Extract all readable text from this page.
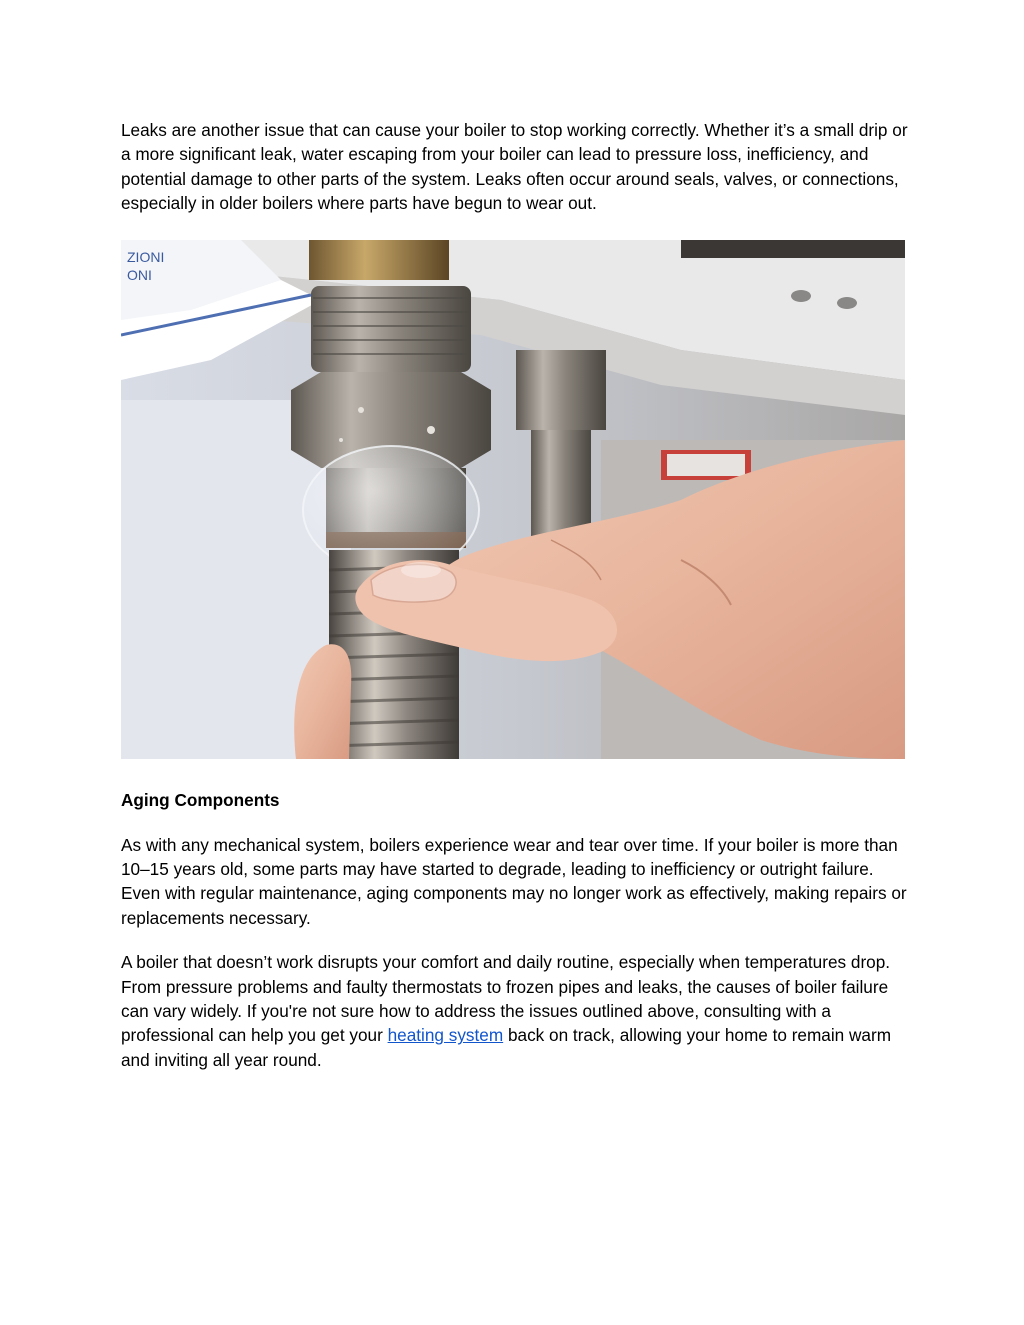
Leaks are another issue that can cause your boiler to stop working correctly. Whether it’s a small drip or a more significant leak, water escaping from your boiler can lead to pressure loss, inefficiency, and potential damage to other parts of the system. Leaks often occur around seals, valves, or connections, especially in older boilers where parts have begun to wear out.

ZIONI
ONI
Aging Components

As with any mechanical system, boilers experience wear and tear over time. If your boiler is more than 10–15 years old, some parts may have started to degrade, leading to inefficiency or outright failure. Even with regular maintenance, aging components may no longer work as effectively, making repairs or replacements necessary.

A boiler that doesn’t work disrupts your comfort and daily routine, especially when temperatures drop. From pressure problems and faulty thermostats to frozen pipes and leaks, the causes of boiler failure can vary widely. If you're not sure how to address the issues outlined above, consulting with a professional can help you get your heating system back on track, allowing your home to remain warm and inviting all year round.
